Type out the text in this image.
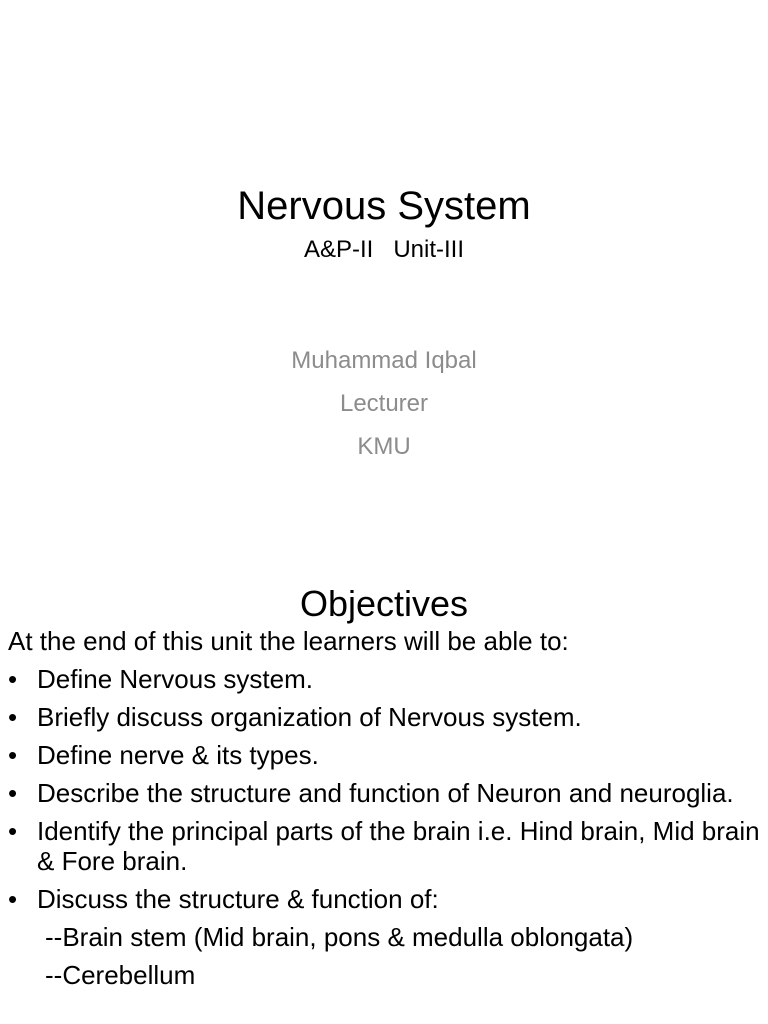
Nervous System
A&P-II   Unit-III
Muhammad Iqbal
Lecturer
KMU
Objectives

At the end of this unit the learners will be able to:

• Define Nervous system.
• Briefly discuss organization of Nervous system.
• Define nerve & its types.
• Describe the structure and function of Neuron and neuroglia.
• Identify the principal parts of the brain i.e. Hind brain, Mid brain & Fore brain.
• Discuss the structure & function of:
--Brain stem (Mid brain, pons & medulla oblongata)
--Cerebellum
